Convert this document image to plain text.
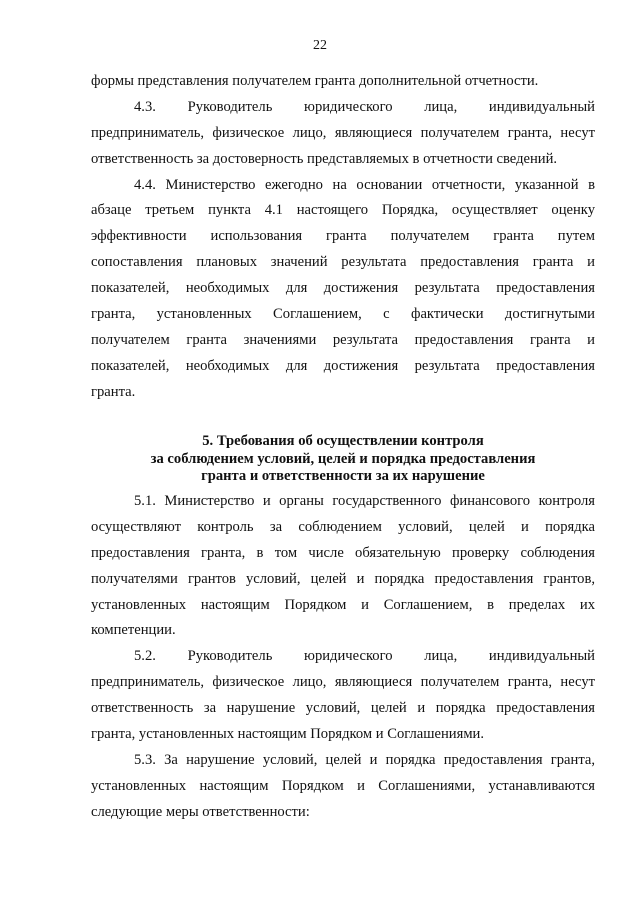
22
формы представления получателем гранта дополнительной отчетности.
4.3. Руководитель юридического лица, индивидуальный
предприниматель, физическое лицо, являющиеся получателем гранта, несут
ответственность за достоверность представляемых в отчетности сведений.
4.4. Министерство ежегодно на основании отчетности, указанной в
абзаце третьем пункта 4.1 настоящего Порядка, осуществляет оценку
эффективности использования гранта получателем гранта путем
сопоставления плановых значений результата предоставления гранта и
показателей, необходимых для достижения результата предоставления
гранта, установленных Соглашением, с фактически достигнутыми
получателем гранта значениями результата предоставления гранта и
показателей, необходимых для достижения результата предоставления
гранта.
5. Требования об осуществлении контроля
за соблюдением условий, целей и порядка предоставления
гранта и ответственности за их нарушение
5.1. Министерство и органы государственного финансового контроля
осуществляют контроль за соблюдением условий, целей и порядка
предоставления гранта, в том числе обязательную проверку соблюдения
получателями грантов условий, целей и порядка предоставления грантов,
установленных настоящим Порядком и Соглашением, в пределах их
компетенции.
5.2. Руководитель юридического лица, индивидуальный
предприниматель, физическое лицо, являющиеся получателем гранта, несут
ответственность за нарушение условий, целей и порядка предоставления
гранта, установленных настоящим Порядком и Соглашениями.
5.3. За нарушение условий, целей и порядка предоставления гранта,
установленных настоящим Порядком и Соглашениями, устанавливаются
следующие меры ответственности:
